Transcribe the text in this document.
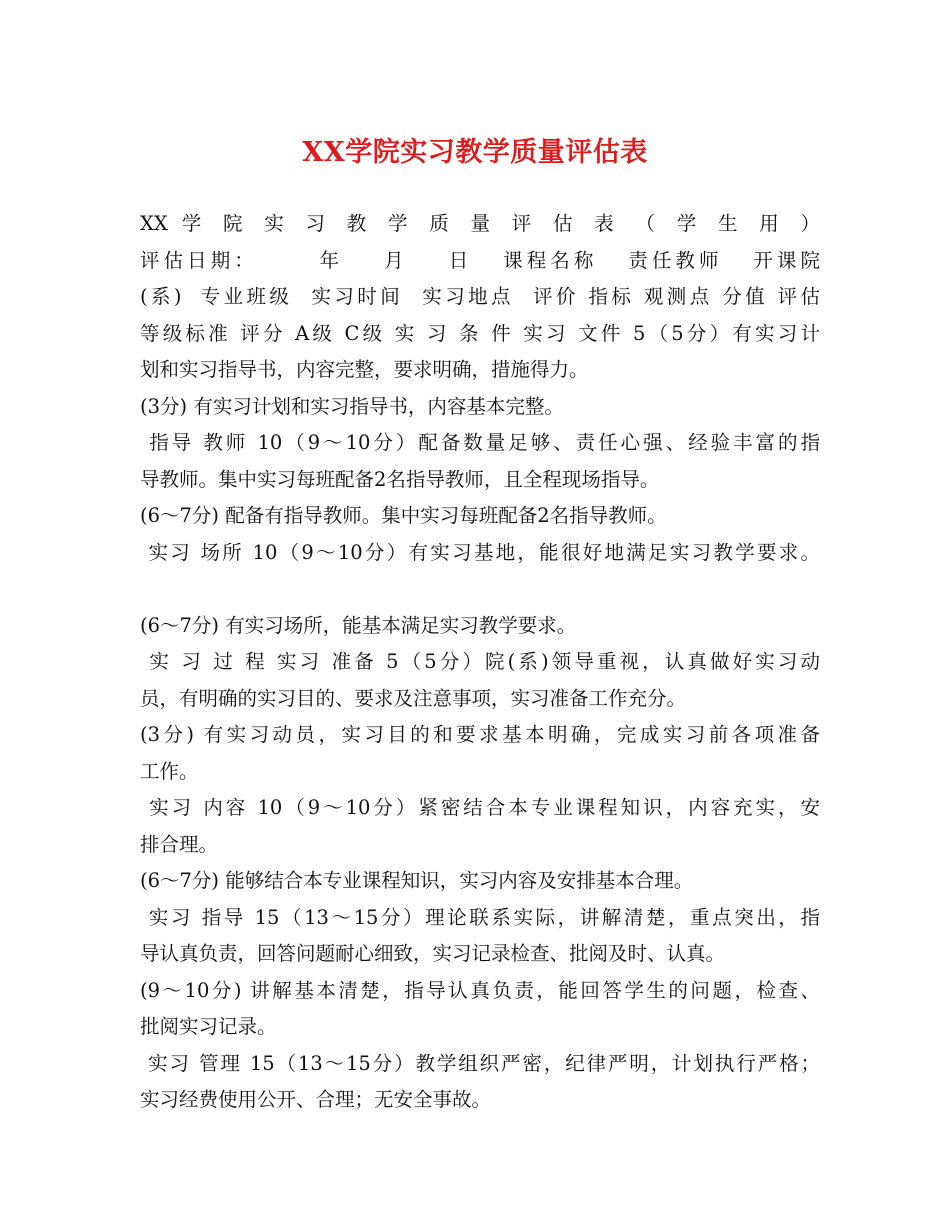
XX学院实习教学质量评估表

XX 学 院 实 习 教 学 质 量 评 估 表 （ 学 生 用 ）

评估日期：      年    月    日   课程名称   责任教师   开课院

(系)  专业班级  实习时间  实习地点  评价 指标 观测点 分值 评估

等级标准 评分 A级 C级 实 习 条 件 实习 文件 5（5分）有实习计

划和实习指导书，内容完整，要求明确，措施得力。

(3分) 有实习计划和实习指导书，内容基本完整。

指导 教师 10（9～10分）配备数量足够、责任心强、经验丰富的指

导教师。集中实习每班配备2名指导教师，且全程现场指导。

(6～7分) 配备有指导教师。集中实习每班配备2名指导教师。

实习 场所 10（9～10分）有实习基地，能很好地满足实习教学要求。

(6～7分) 有实习场所，能基本满足实习教学要求。

实 习 过 程 实习 准备 5（5分）院(系)领导重视，认真做好实习动

员，有明确的实习目的、要求及注意事项，实习准备工作充分。

(3分) 有实习动员，实习目的和要求基本明确，完成实习前各项准备

工作。

实习 内容 10（9～10分）紧密结合本专业课程知识，内容充实，安

排合理。

(6～7分) 能够结合本专业课程知识，实习内容及安排基本合理。

实习 指导 15（13～15分）理论联系实际，讲解清楚，重点突出，指

导认真负责，回答问题耐心细致，实习记录检查、批阅及时、认真。

(9～10分) 讲解基本清楚，指导认真负责，能回答学生的问题，检查、

批阅实习记录。

实习 管理 15（13～15分）教学组织严密，纪律严明，计划执行严格；

实习经费使用公开、合理；无安全事故。
